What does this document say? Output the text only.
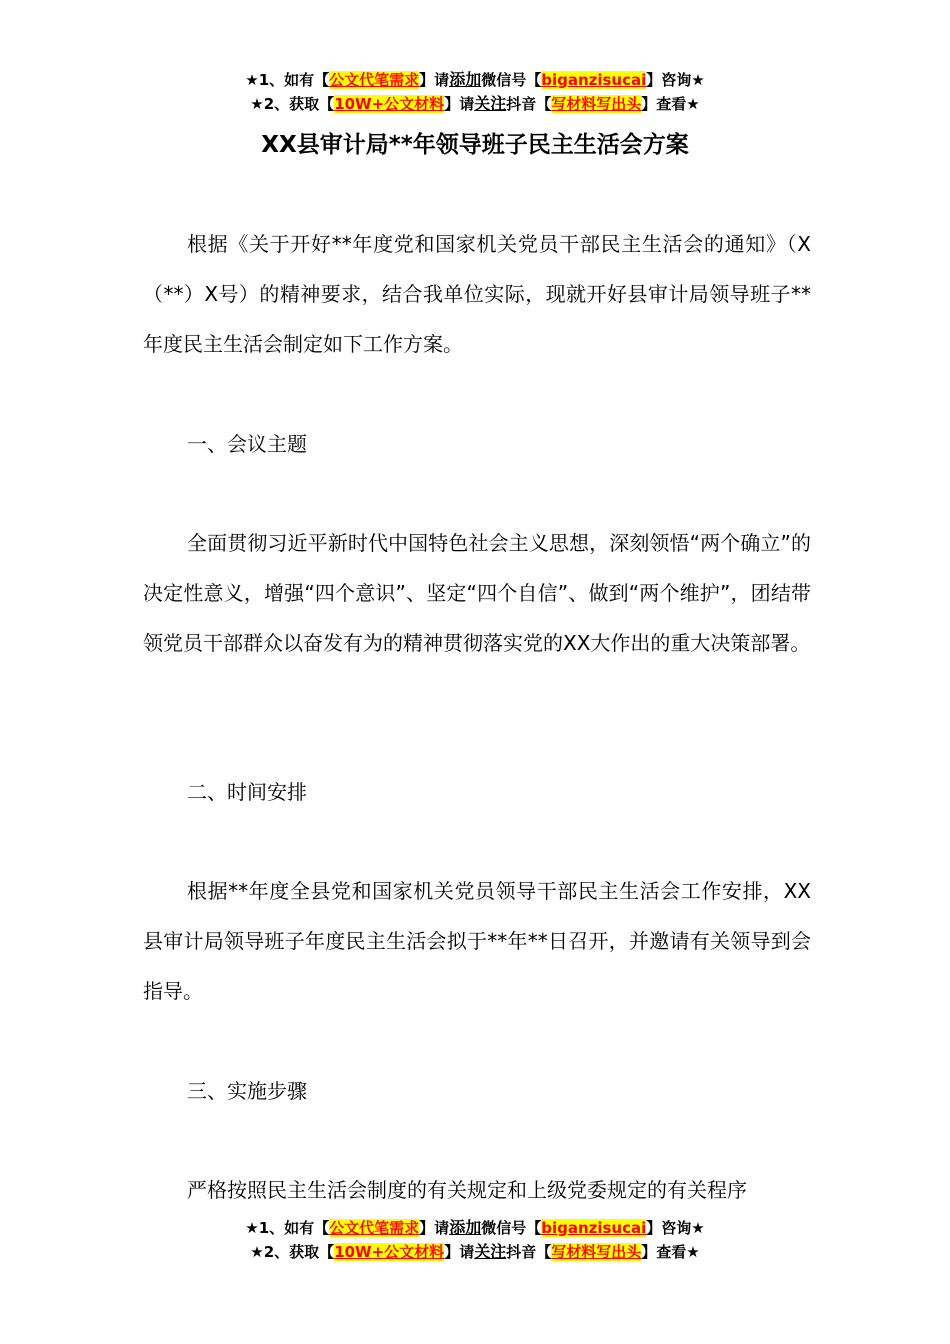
★1、如有【公文代笔需求】请添加微信号【biganzisucai】咨询★
★2、获取【10W+公文材料】请关注抖音【写材料写出头】查看★
XX县审计局**年领导班子民主生活会方案
根据《关于开好**年度党和国家机关党员干部民主生活会的通知》（X（**）X号）的精神要求，结合我单位实际，现就开好县审计局领导班子**年度民主生活会制定如下工作方案。
一、会议主题
全面贯彻习近平新时代中国特色社会主义思想，深刻领悟“两个确立”的决定性意义，增强“四个意识”、坚定“四个自信”、做到“两个维护”，团结带领党员干部群众以奋发有为的精神贯彻落实党的XX大作出的重大决策部署。
二、时间安排
根据**年度全县党和国家机关党员领导干部民主生活会工作安排，XX县审计局领导班子年度民主生活会拟于**年**日召开，并邀请有关领导到会指导。
三、实施步骤
严格按照民主生活会制度的有关规定和上级党委规定的有关程序
★1、如有【公文代笔需求】请添加微信号【biganzisucai】咨询★
★2、获取【10W+公文材料】请关注抖音【写材料写出头】查看★
